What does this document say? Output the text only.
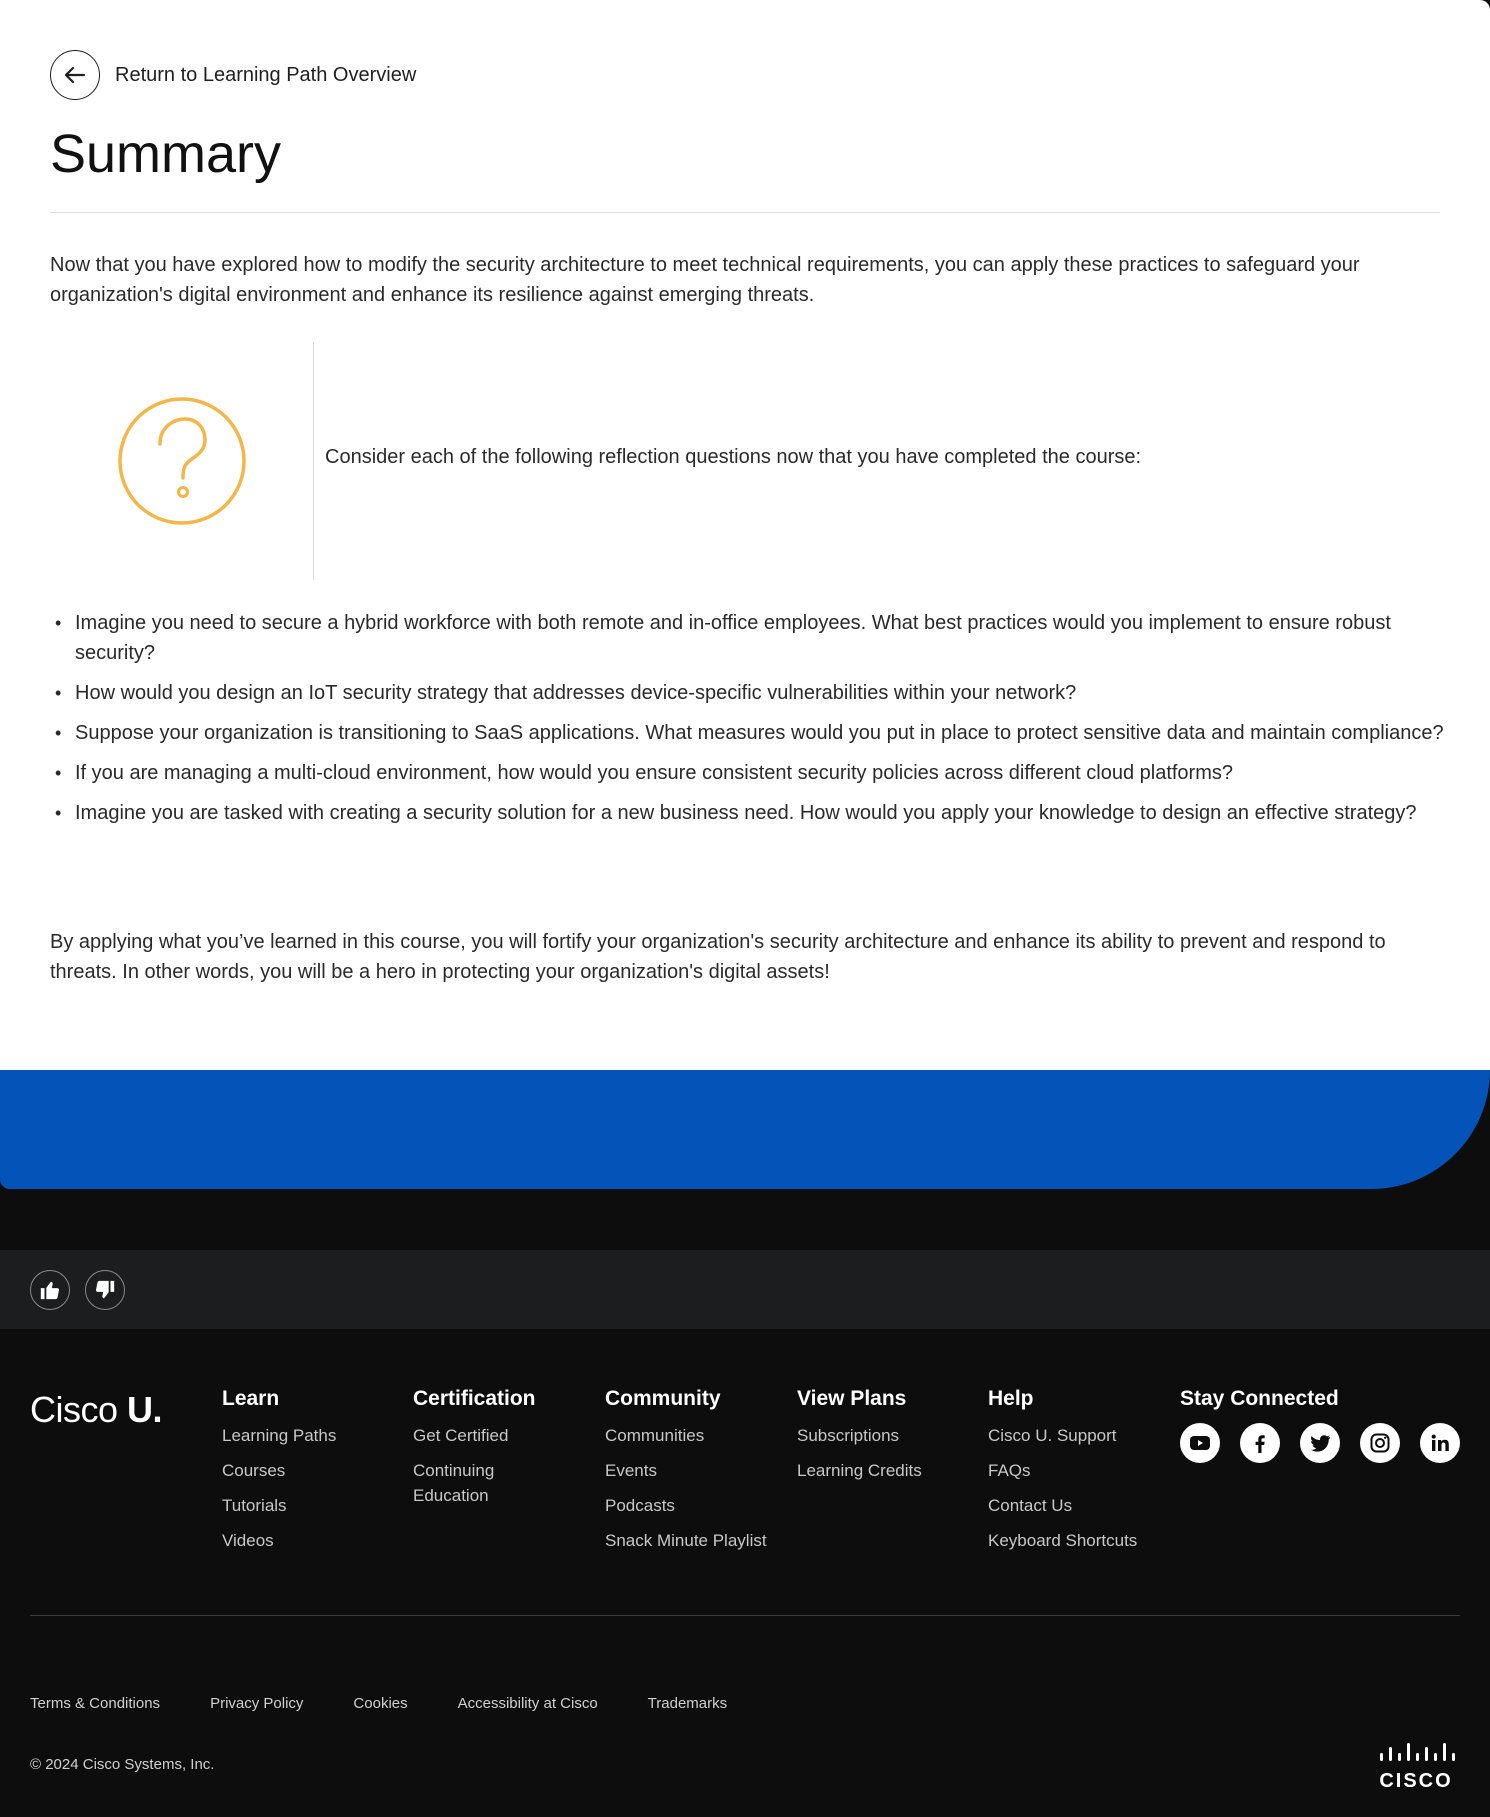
Return to Learning Path Overview
Summary

Now that you have explored how to modify the security architecture to meet technical requirements, you can apply these practices to safeguard your organization's digital environment and enhance its resilience against emerging threats.

Consider each of the following reflection questions now that you have completed the course:

• Imagine you need to secure a hybrid workforce with both remote and in-office employees. What best practices would you implement to ensure robust security?
• How would you design an IoT security strategy that addresses device-specific vulnerabilities within your network?
• Suppose your organization is transitioning to SaaS applications. What measures would you put in place to protect sensitive data and maintain compliance?
• If you are managing a multi-cloud environment, how would you ensure consistent security policies across different cloud platforms?
• Imagine you are tasked with creating a security solution for a new business need. How would you apply your knowledge to design an effective strategy?

By applying what you’ve learned in this course, you will fortify your organization's security architecture and enhance its ability to prevent and respond to threats. In other words, you will be a hero in protecting your organization's digital assets!

Cisco U.	Learn
Learning Paths
Courses
Tutorials
Videos
Certification
Get Certified
Continuing Education
Community
Communities
Events
Podcasts
Snack Minute Playlist
View Plans
Subscriptions
Learning Credits
Help
Cisco U. Support
FAQs
Contact Us
Keyboard Shortcuts
Stay Connected
Terms & Conditions	Privacy Policy	Cookies	Accessibility at Cisco	Trademarks
© 2024 Cisco Systems, Inc.
CISCO
